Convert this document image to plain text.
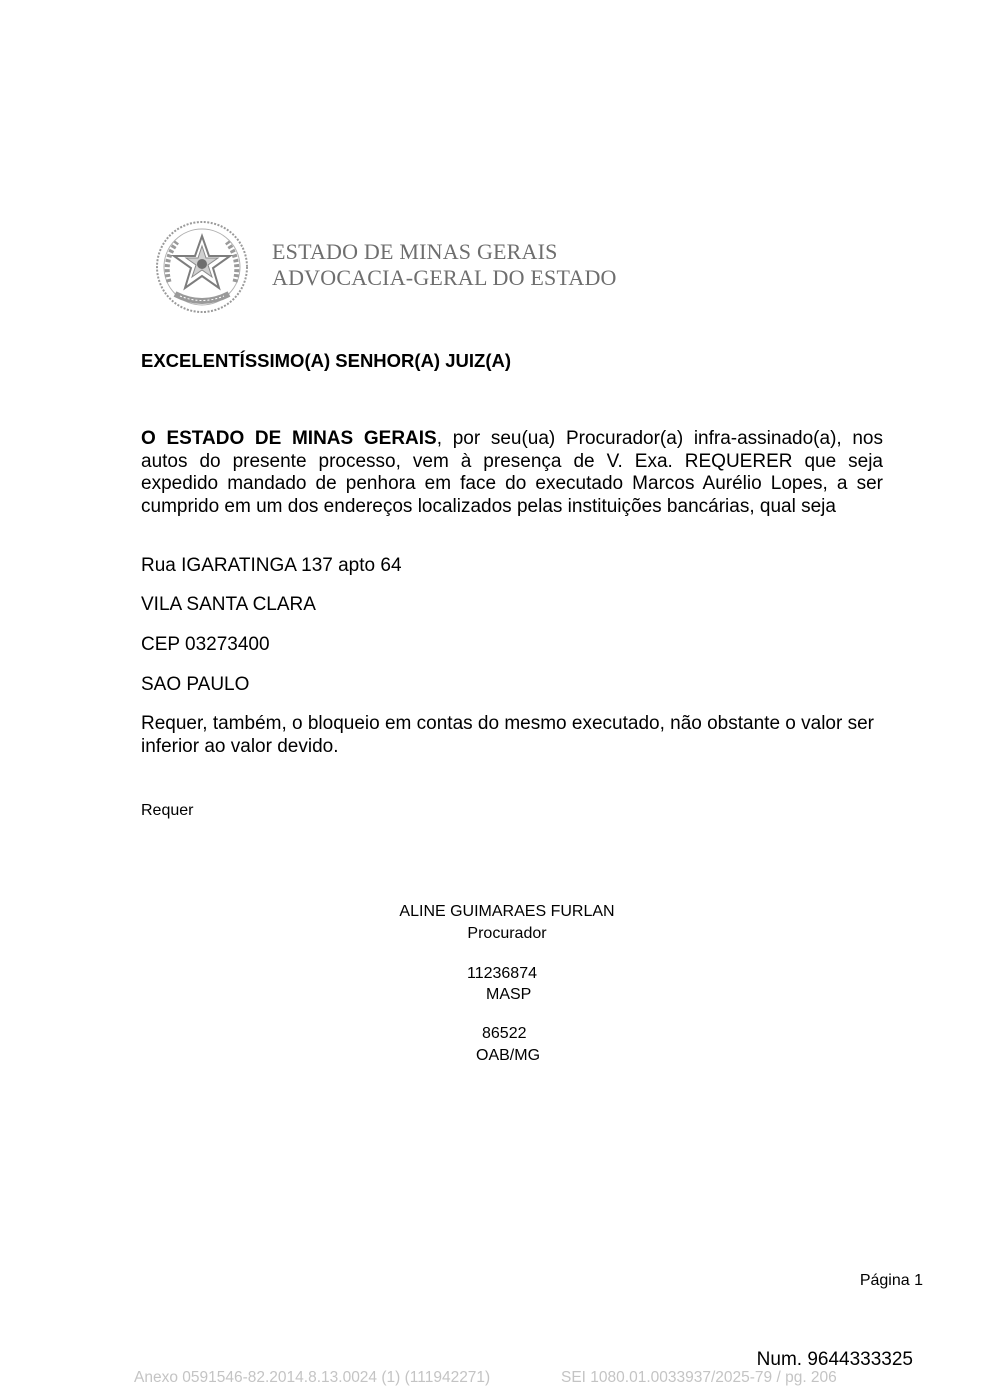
ESTADO DE MINAS GERAIS
ADVOCACIA-GERAL DO ESTADO
EXCELENTÍSSIMO(A) SENHOR(A) JUIZ(A)
O ESTADO DE MINAS GERAIS, por seu(ua) Procurador(a) infra-assinado(a), nos autos do presente processo, vem à presença de V. Exa. REQUERER que seja expedido mandado de penhora em face do executado Marcos Aurélio Lopes, a ser cumprido em um dos endereços localizados pelas instituições bancárias, qual seja
Rua IGARATINGA 137 apto 64
VILA SANTA CLARA
CEP 03273400
SAO PAULO
Requer, também, o bloqueio em contas do mesmo executado, não obstante o valor ser inferior ao valor devido.
Requer
ALINE GUIMARAES FURLAN
Procurador
11236874
MASP
86522
OAB/MG
Página 1
Num. 9644333325
Anexo 0591546-82.2014.8.13.0024 (1) (111942271)	SEI 1080.01.0033937/2025-79 / pg. 206
